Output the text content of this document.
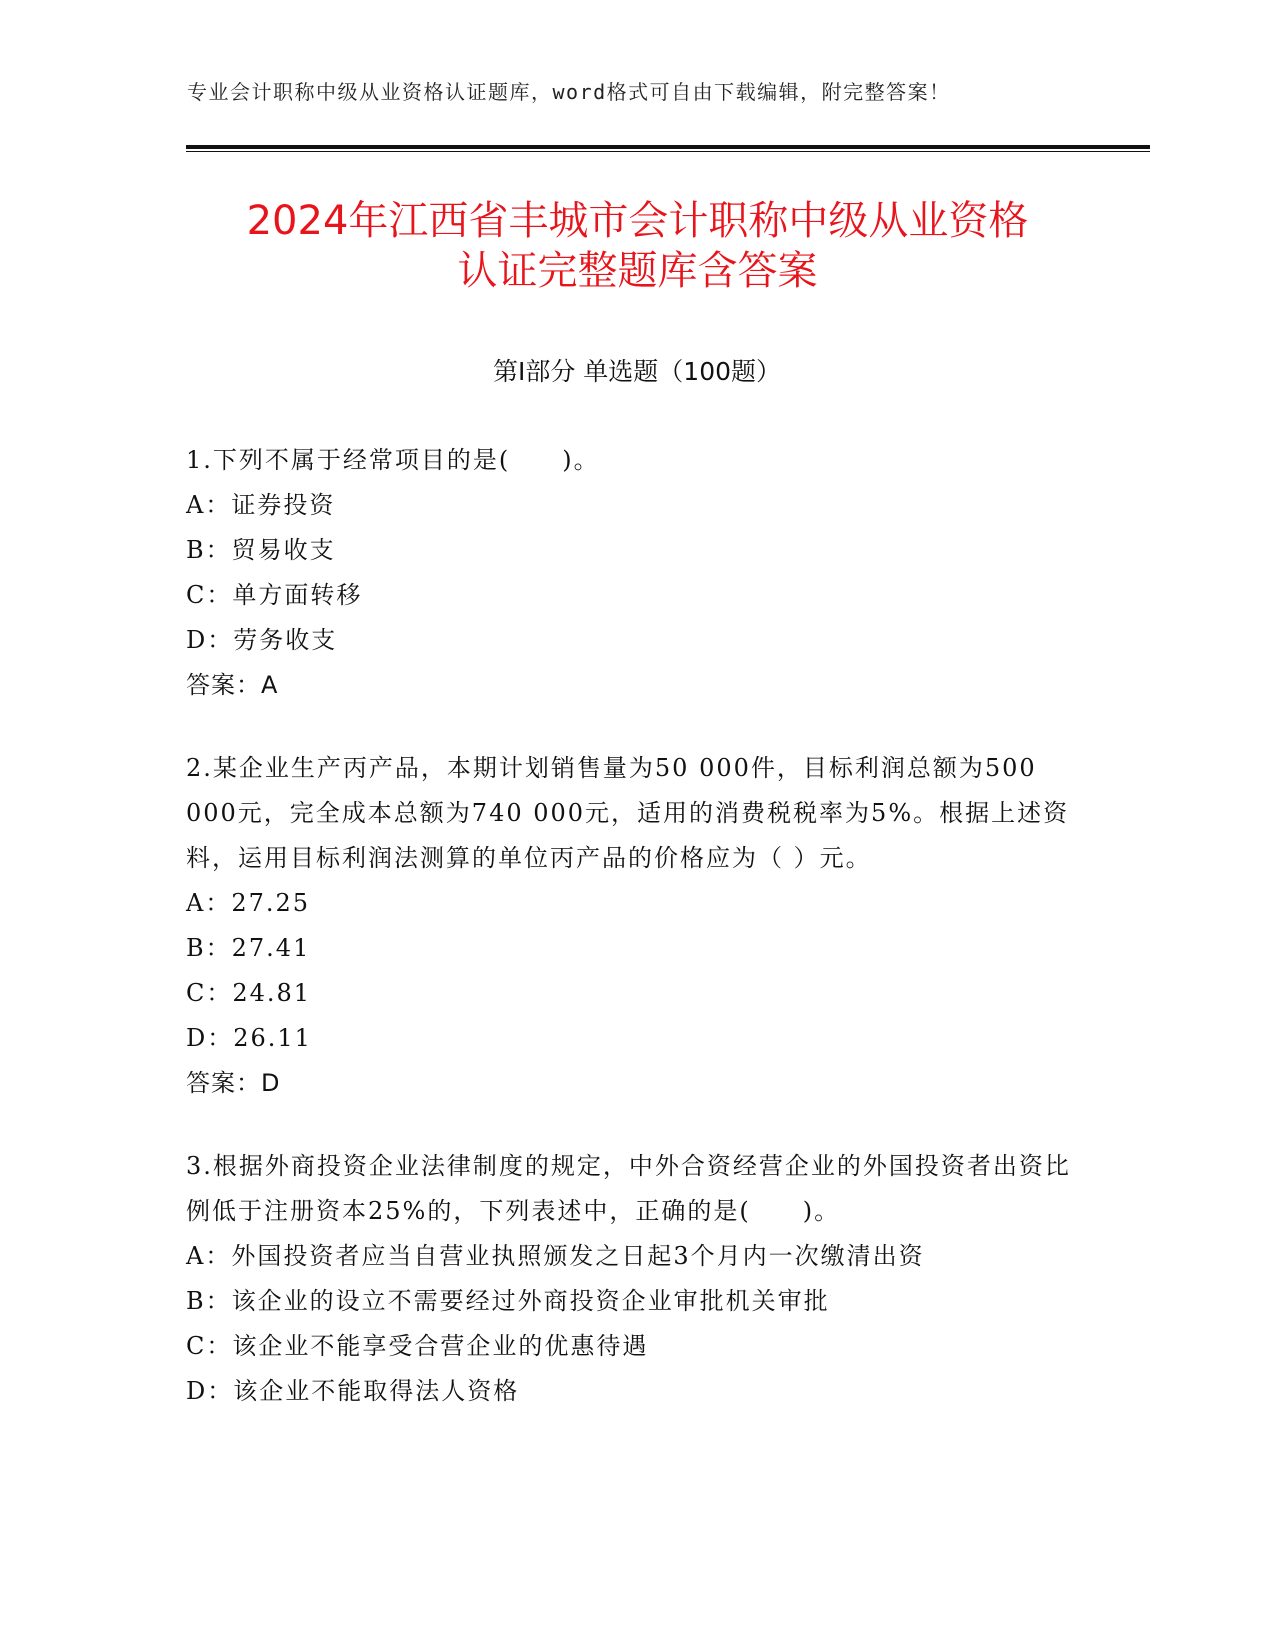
专业会计职称中级从业资格认证题库，word格式可自由下载编辑，附完整答案！
2024年江西省丰城市会计职称中级从业资格
认证完整题库含答案
第Ⅰ部分 单选题（100题）

1.下列不属于经常项目的是(　　)。

A：证券投资

B：贸易收支

C：单方面转移

D：劳务收支

答案：A

2.某企业生产丙产品，本期计划销售量为50 000件，目标利润总额为500 000元，完全成本总额为740 000元，适用的消费税税率为5%。根据上述资料，运用目标利润法测算的单位丙产品的价格应为（ ）元。

A：27.25

B：27.41

C：24.81

D：26.11

答案：D

3.根据外商投资企业法律制度的规定，中外合资经营企业的外国投资者出资比例低于注册资本25%的，下列表述中，正确的是(　　)。

A：外国投资者应当自营业执照颁发之日起3个月内一次缴清出资

B：该企业的设立不需要经过外商投资企业审批机关审批

C：该企业不能享受合营企业的优惠待遇

D：该企业不能取得法人资格
